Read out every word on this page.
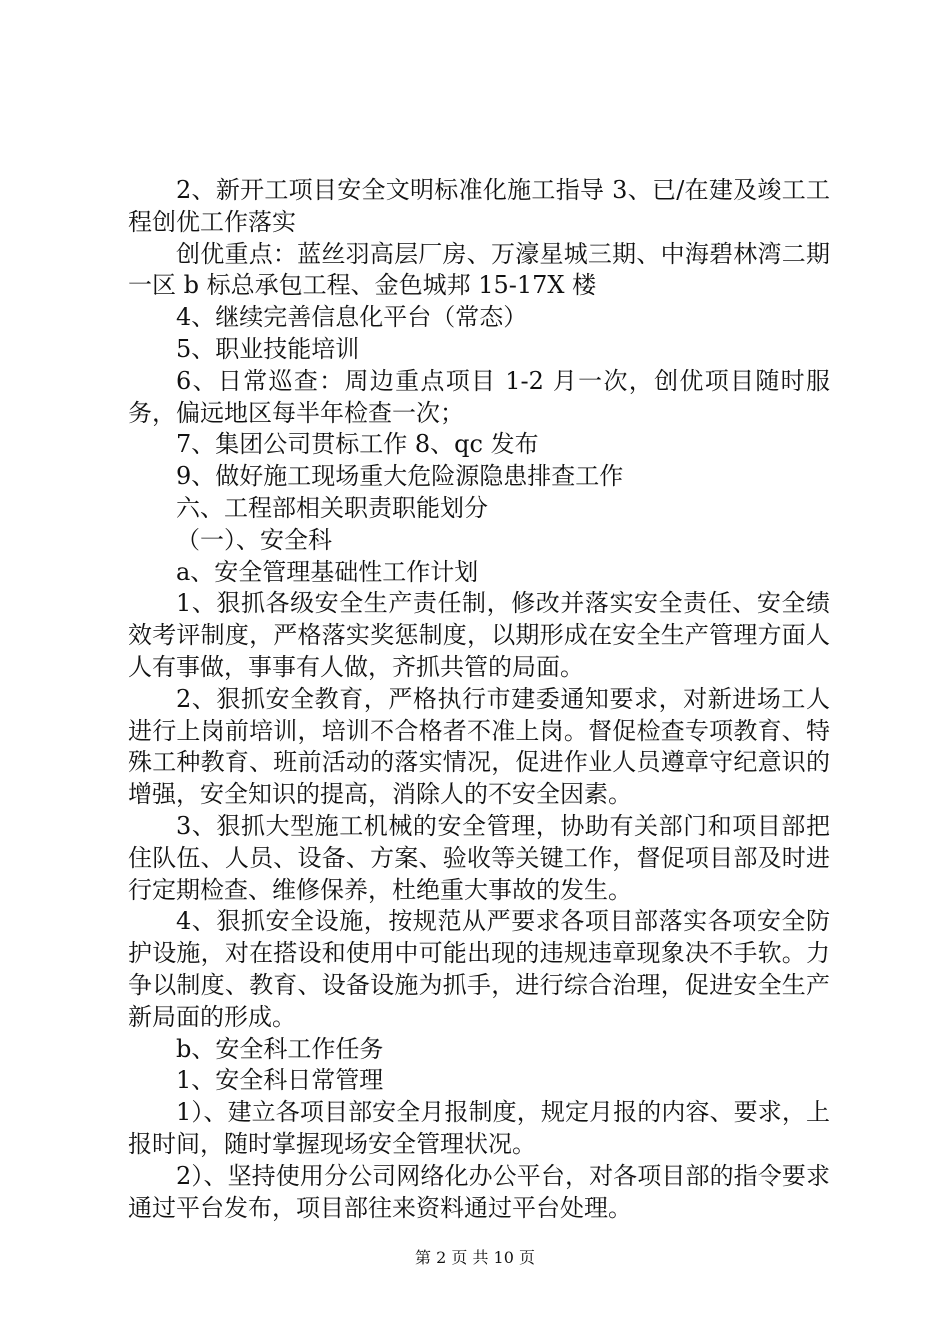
2、新开工项目安全文明标准化施工指导 3、已/在建及竣工工程创优工作落实

创优重点：蓝丝羽高层厂房、万濠星城三期、中海碧林湾二期一区 b 标总承包工程、金色城邦 15-17X 楼

4、继续完善信息化平台（常态）

5、职业技能培训

6、日常巡查：周边重点项目 1-2 月一次，创优项目随时服务，偏远地区每半年检查一次；

7、集团公司贯标工作 8、qc 发布

9、做好施工现场重大危险源隐患排查工作

六、工程部相关职责职能划分

（一）、安全科

a、安全管理基础性工作计划

1、狠抓各级安全生产责任制，修改并落实安全责任、安全绩效考评制度，严格落实奖惩制度，以期形成在安全生产管理方面人人有事做，事事有人做，齐抓共管的局面。

2、狠抓安全教育，严格执行市建委通知要求，对新进场工人进行上岗前培训，培训不合格者不准上岗。督促检查专项教育、特殊工种教育、班前活动的落实情况，促进作业人员遵章守纪意识的增强，安全知识的提高，消除人的不安全因素。

3、狠抓大型施工机械的安全管理，协助有关部门和项目部把住队伍、人员、设备、方案、验收等关键工作，督促项目部及时进行定期检查、维修保养，杜绝重大事故的发生。

4、狠抓安全设施，按规范从严要求各项目部落实各项安全防护设施，对在搭设和使用中可能出现的违规违章现象决不手软。力争以制度、教育、设备设施为抓手，进行综合治理，促进安全生产新局面的形成。

b、安全科工作任务

1、安全科日常管理

1）、建立各项目部安全月报制度，规定月报的内容、要求，上报时间，随时掌握现场安全管理状况。

2）、坚持使用分公司网络化办公平台，对各项目部的指令要求通过平台发布，项目部往来资料通过平台处理。

第 2 页 共 10 页
